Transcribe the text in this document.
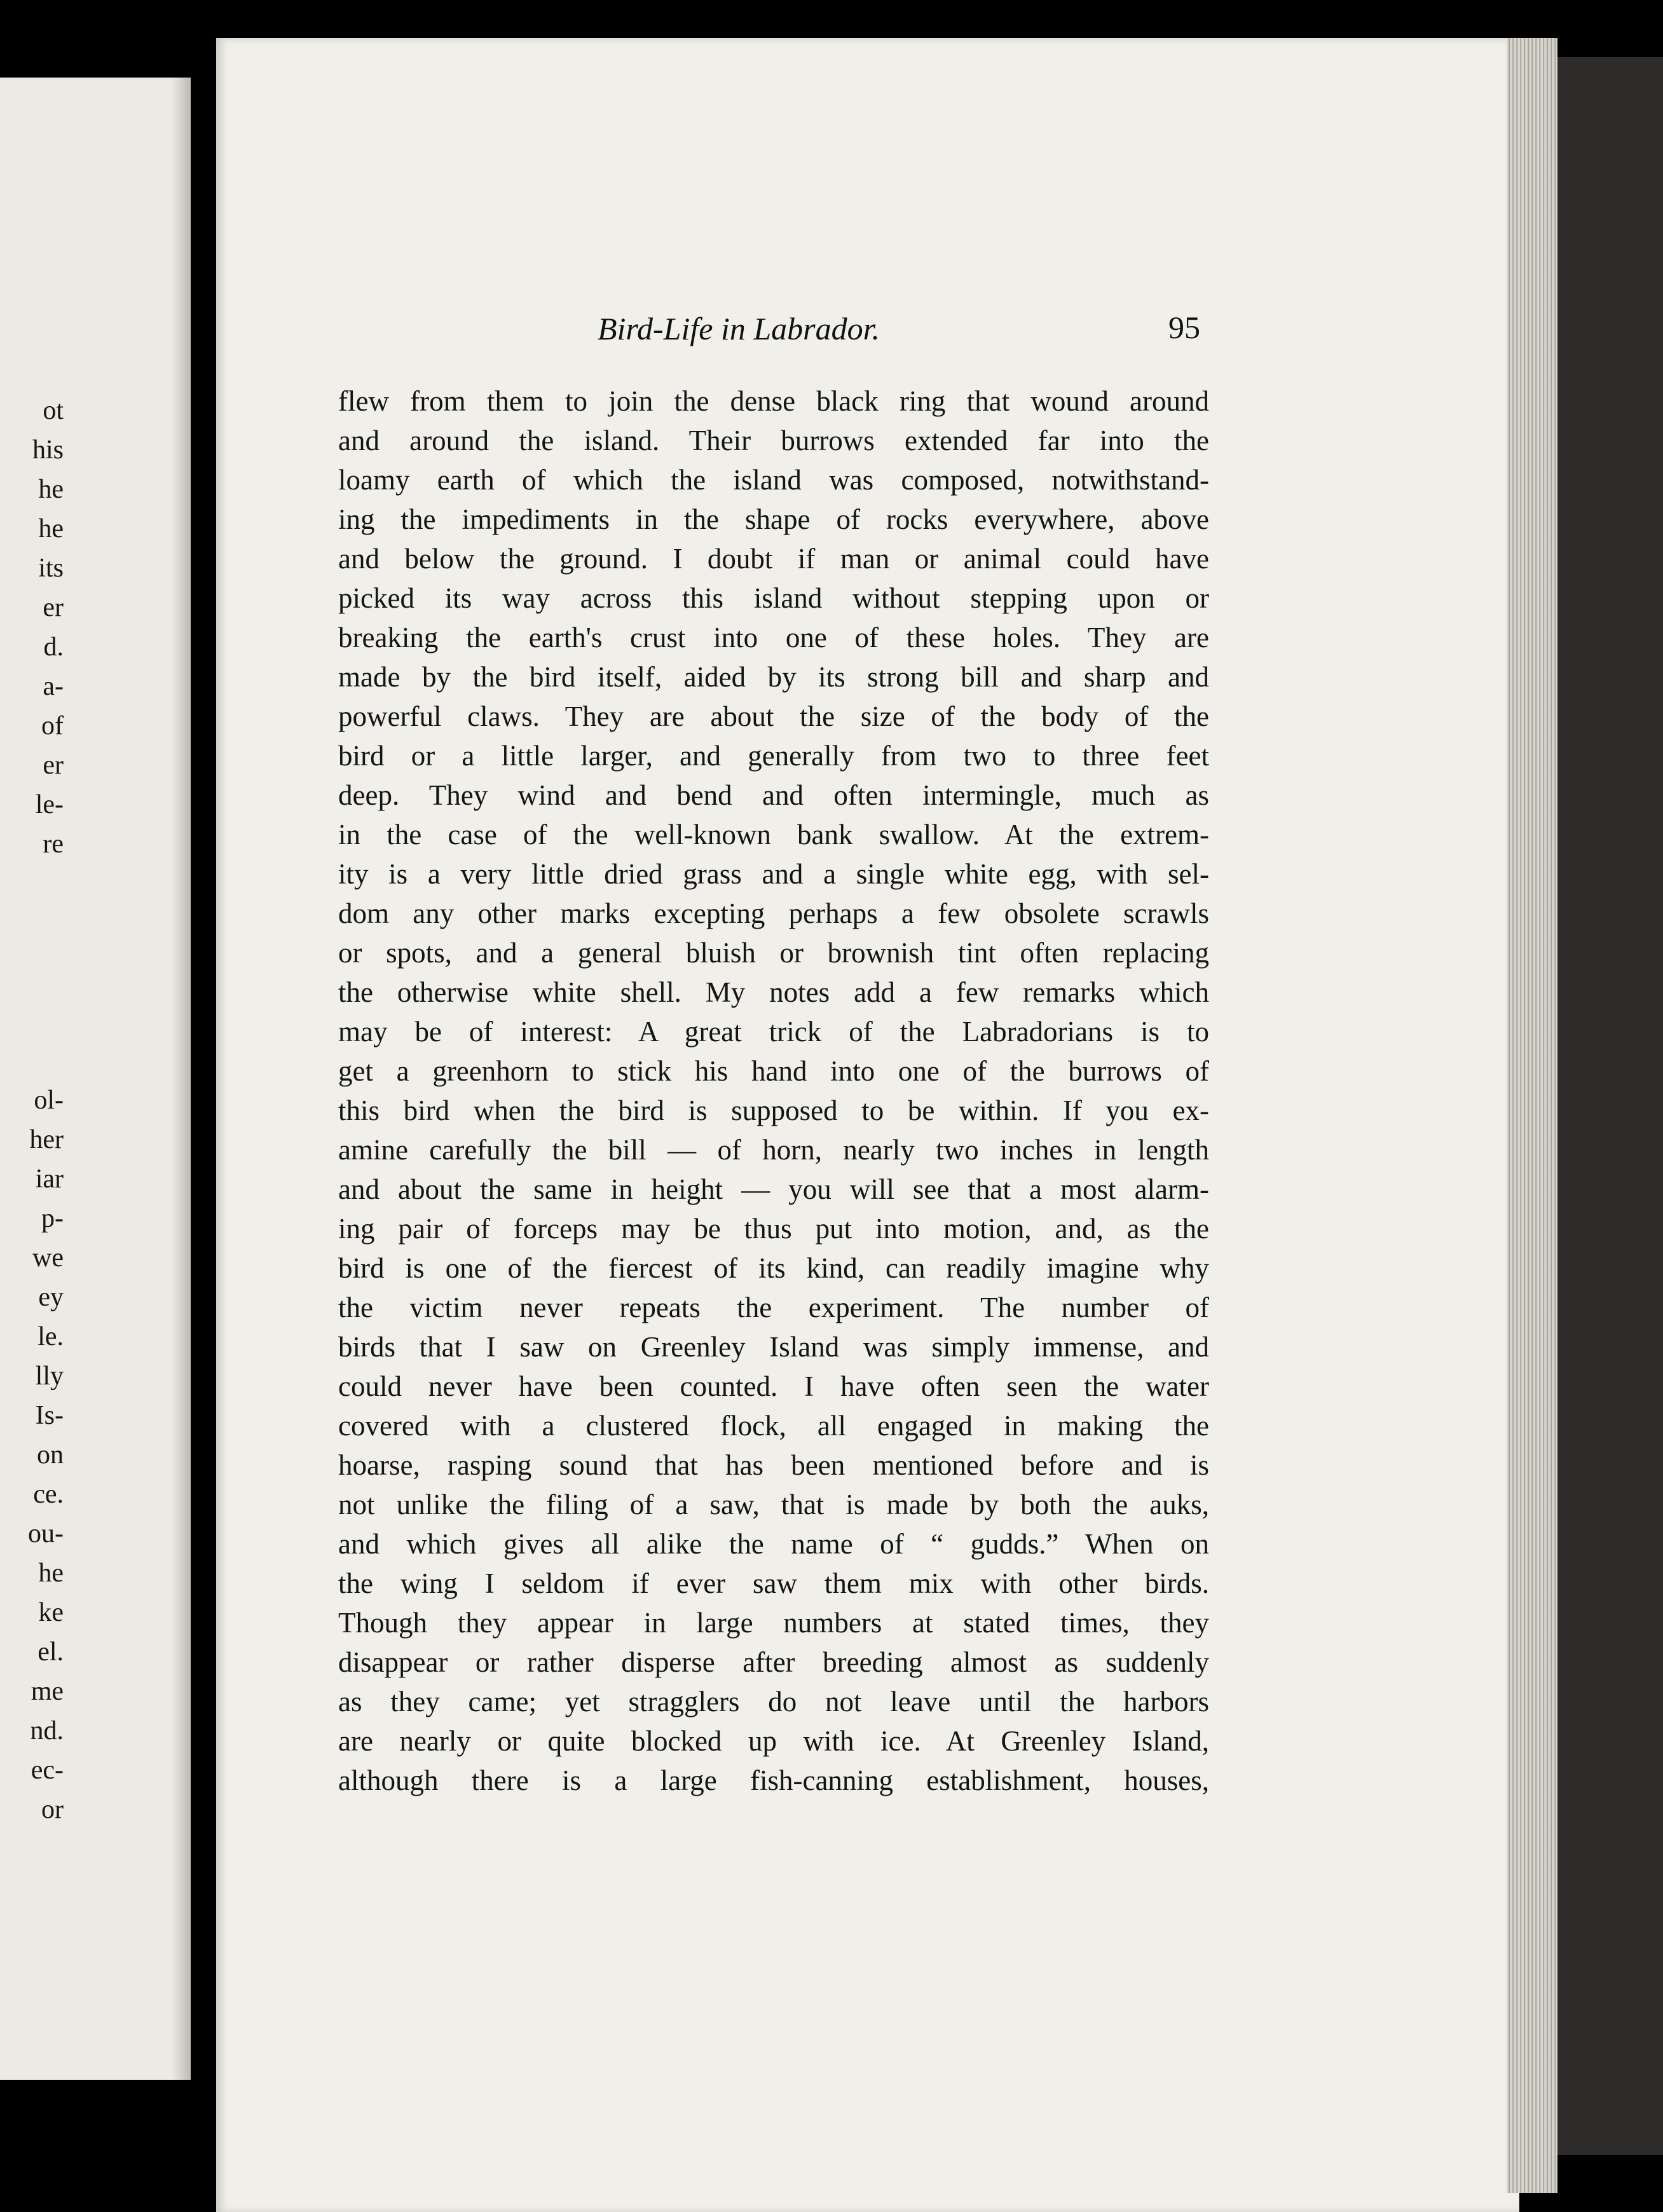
ot
his
he
he
its
er
d.
a-
of
er
le-
re
ol-
her
iar
p-
we
ey
le.
lly
Is-
on
ce.
ou-
he
ke
el.
me
nd.
ec-
or
Bird-Life in Labrador.	95
flew from them to join the dense black ring that wound around
and around the island. Their burrows extended far into the
loamy earth of which the island was composed, notwithstand-
ing the impediments in the shape of rocks everywhere, above
and below the ground. I doubt if man or animal could have
picked its way across this island without stepping upon or
breaking the earth's crust into one of these holes. They are
made by the bird itself, aided by its strong bill and sharp and
powerful claws. They are about the size of the body of the
bird or a little larger, and generally from two to three feet
deep. They wind and bend and often intermingle, much as
in the case of the well-known bank swallow. At the extrem-
ity is a very little dried grass and a single white egg, with sel-
dom any other marks excepting perhaps a few obsolete scrawls
or spots, and a general bluish or brownish tint often replacing
the otherwise white shell. My notes add a few remarks which
may be of interest: A great trick of the Labradorians is to
get a greenhorn to stick his hand into one of the burrows of
this bird when the bird is supposed to be within. If you ex-
amine carefully the bill — of horn, nearly two inches in length
and about the same in height — you will see that a most alarm-
ing pair of forceps may be thus put into motion, and, as the
bird is one of the fiercest of its kind, can readily imagine why
the victim never repeats the experiment. The number of
birds that I saw on Greenley Island was simply immense, and
could never have been counted. I have often seen the water
covered with a clustered flock, all engaged in making the
hoarse, rasping sound that has been mentioned before and is
not unlike the filing of a saw, that is made by both the auks,
and which gives all alike the name of “ gudds.” When on
the wing I seldom if ever saw them mix with other birds.
Though they appear in large numbers at stated times, they
disappear or rather disperse after breeding almost as suddenly
as they came; yet stragglers do not leave until the harbors
are nearly or quite blocked up with ice. At Greenley Island,
although there is a large fish-canning establishment, houses,
